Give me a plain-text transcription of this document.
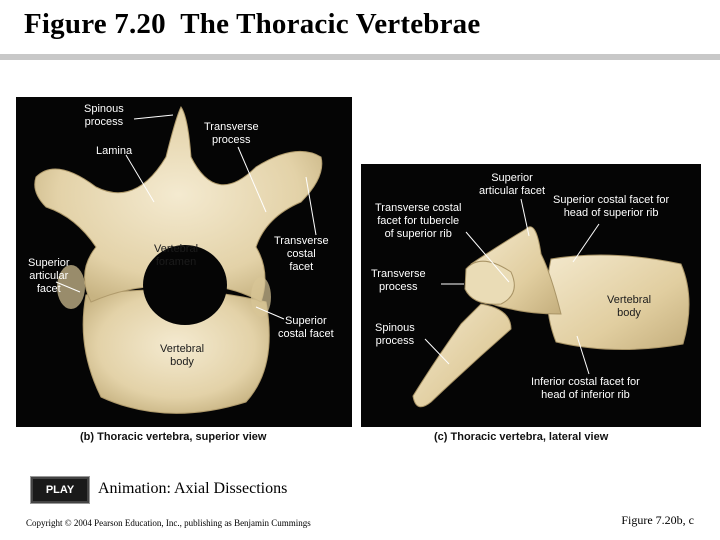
Figure 7.20  The Thoracic Vertebrae
Spinous
process	Transverse
process
Lamina
Vertebral
foramen
Transverse
costal
facet
Superior
articular
facet
Superior
costal facet
Vertebral
body
(b) Thoracic vertebra, superior view
Superior
articular facet
Transverse costal
facet for tubercle
of superior rib
Superior costal facet for
head of superior rib
Transverse
process
Vertebral
body
Spinous
process
Inferior costal facet for
head of inferior rib
(c) Thoracic vertebra, lateral view
PLAY	Animation: Axial Dissections
Copyright © 2004 Pearson Education, Inc., publishing as Benjamin Cummings	Figure 7.20b, c
